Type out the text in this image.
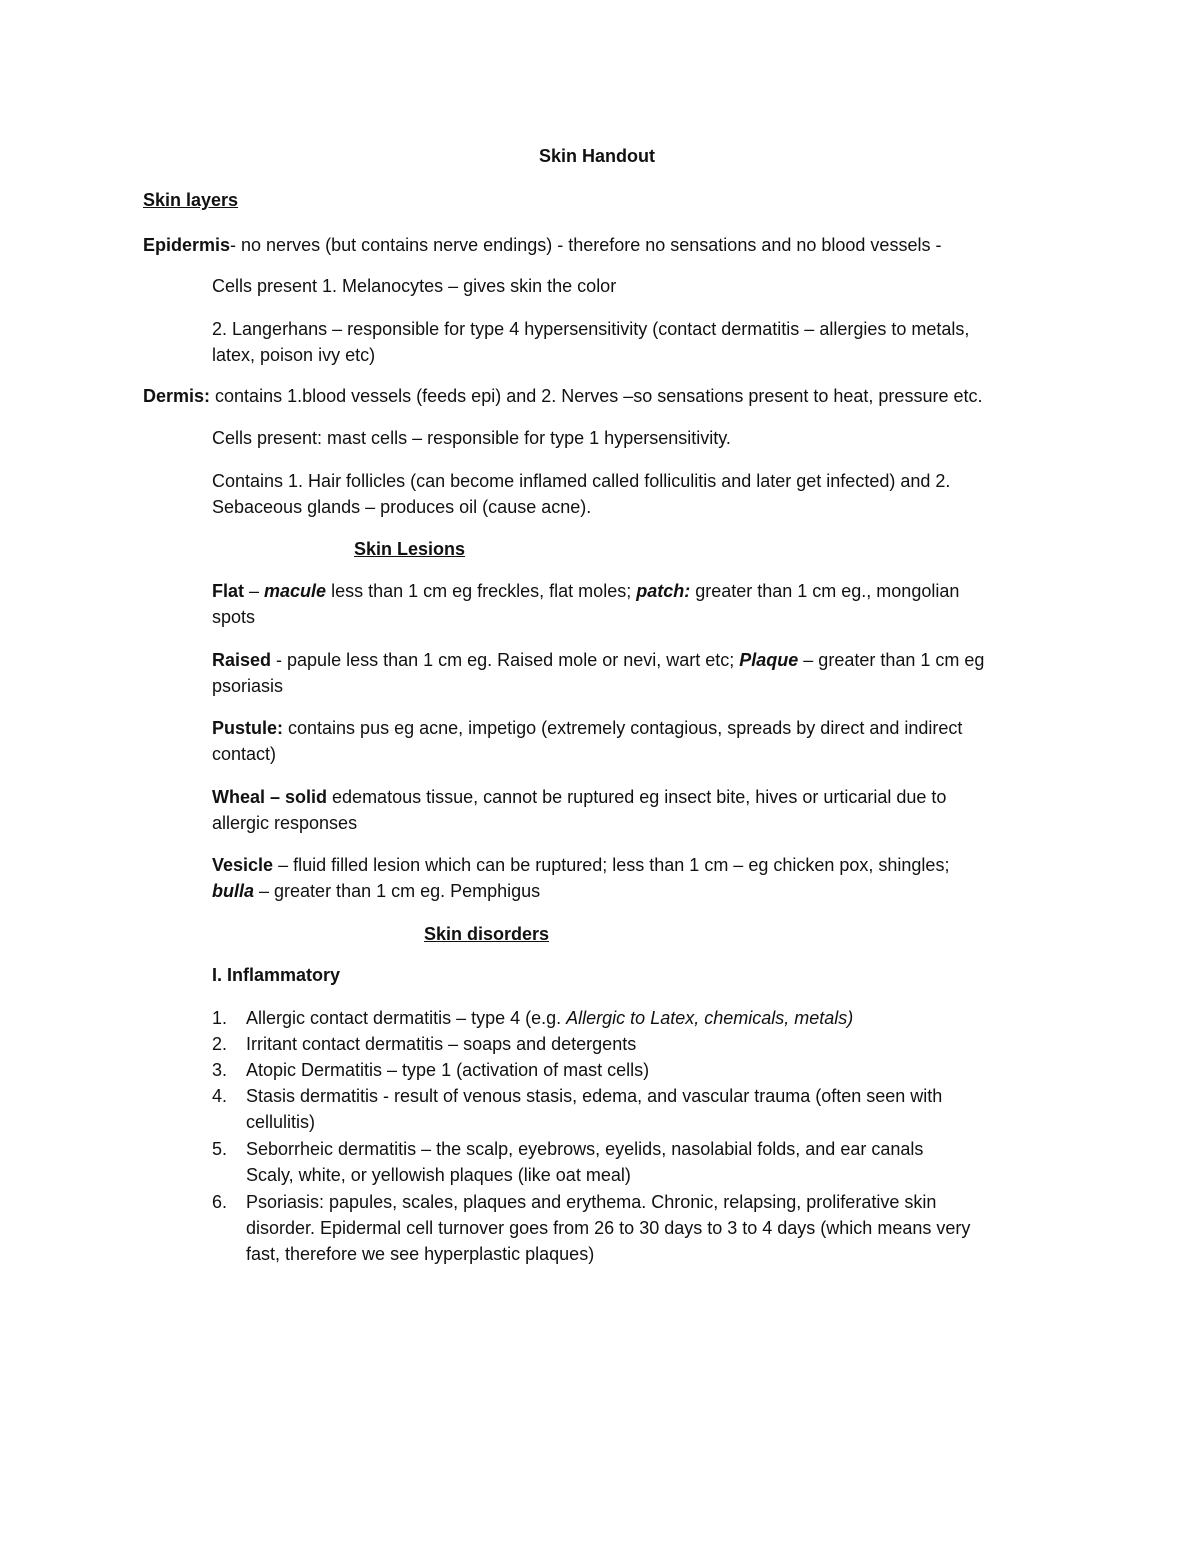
Skin Handout
Skin layers
Epidermis- no nerves (but contains nerve endings) - therefore no sensations and no blood vessels -
Cells present 1. Melanocytes – gives skin the color
2. Langerhans – responsible for type 4 hypersensitivity (contact dermatitis – allergies to metals,
latex, poison ivy etc)
Dermis: contains 1.blood vessels (feeds epi) and 2. Nerves –so sensations present to heat, pressure etc.
Cells present: mast cells – responsible for type 1 hypersensitivity.
Contains 1. Hair follicles (can become inflamed called folliculitis and later get infected) and 2.
Sebaceous glands – produces oil (cause acne).
Skin Lesions
Flat – macule less than 1 cm eg freckles, flat moles; patch: greater than 1 cm eg., mongolian
spots
Raised - papule less than 1 cm eg. Raised mole or nevi, wart etc; Plaque – greater than 1 cm eg
psoriasis
Pustule: contains pus eg acne, impetigo (extremely contagious, spreads by direct and indirect
contact)
Wheal – solid edematous tissue, cannot be ruptured eg insect bite, hives or urticarial due to
allergic responses
Vesicle – fluid filled lesion which can be ruptured; less than 1 cm – eg chicken pox, shingles;
bulla – greater than 1 cm eg. Pemphigus
Skin disorders
I. Inflammatory
1.	Allergic contact dermatitis – type 4 (e.g. Allergic to Latex, chemicals, metals)
2.	Irritant contact dermatitis – soaps and detergents
3.	Atopic Dermatitis – type 1 (activation of mast cells)
4.	Stasis dermatitis - result of venous stasis, edema, and vascular trauma (often seen with
cellulitis)
5.	Seborrheic dermatitis – the scalp, eyebrows, eyelids, nasolabial folds, and ear canals
Scaly, white, or yellowish plaques (like oat meal)
6.	Psoriasis: papules, scales, plaques and erythema. Chronic, relapsing, proliferative skin
disorder. Epidermal cell turnover goes from 26 to 30 days to 3 to 4 days (which means very
fast, therefore we see hyperplastic plaques)
